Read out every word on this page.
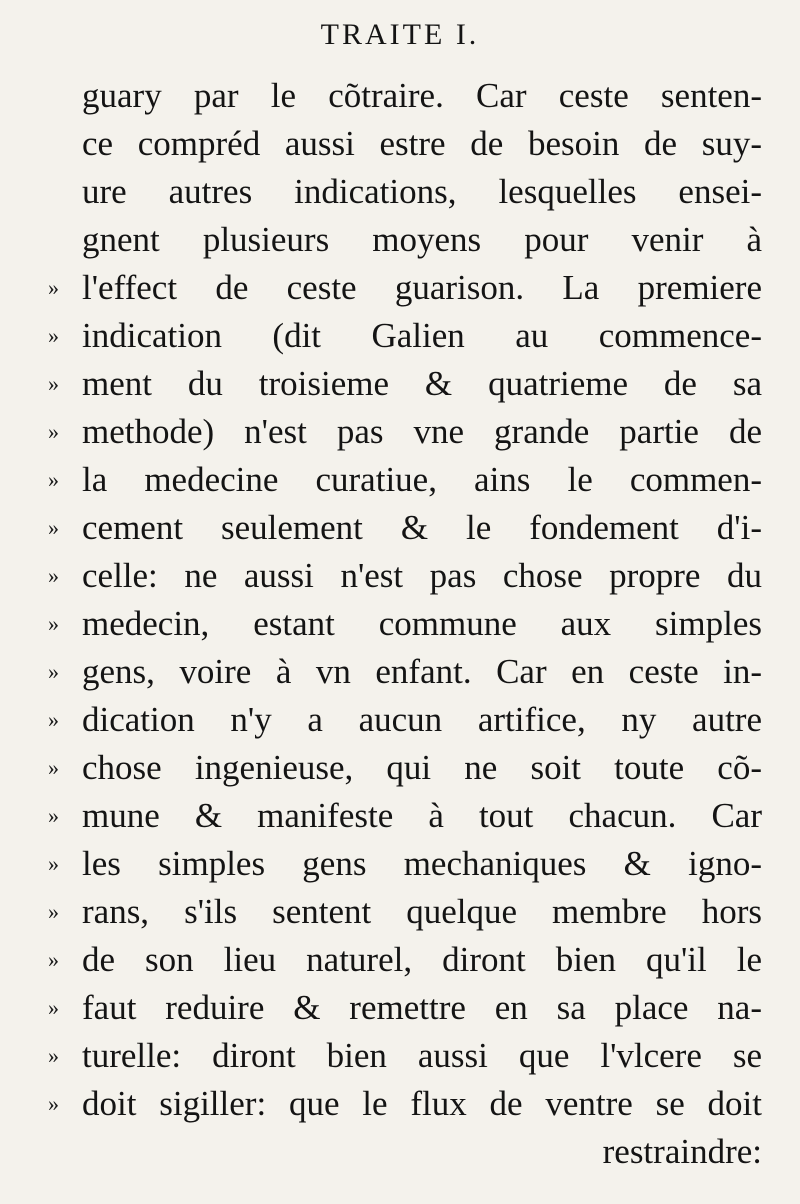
TRAITE I.
guary par le cõtraire. Car ceste senten-
ce compréd aussi estre de besoin de suy-
ure autres indications, lesquelles ensei-
gnent plusieurs moyens pour venir à
» l'effect de ceste guarison. La premiere
» indication (dit Galien au commence-
» ment du troisieme & quatrieme de sa
» methode) n'est pas vne grande partie de
» la medecine curatiue, ains le commen-
» cement seulement & le fondement d'i-
» celle: ne aussi n'est pas chose propre du
» medecin, estant commune aux simples
» gens, voire à vn enfant. Car en ceste in-
» dication n'y a aucun artifice, ny autre
» chose ingenieuse, qui ne soit toute cõ-
» mune & manifeste à tout chacun. Car
» les simples gens mechaniques & igno-
» rans, s'ils sentent quelque membre hors
» de son lieu naturel, diront bien qu'il le
» faut reduire & remettre en sa place na-
» turelle: diront bien aussi que l'vlcere se
» doit sigiller: que le flux de ventre se doit
restraindre:
